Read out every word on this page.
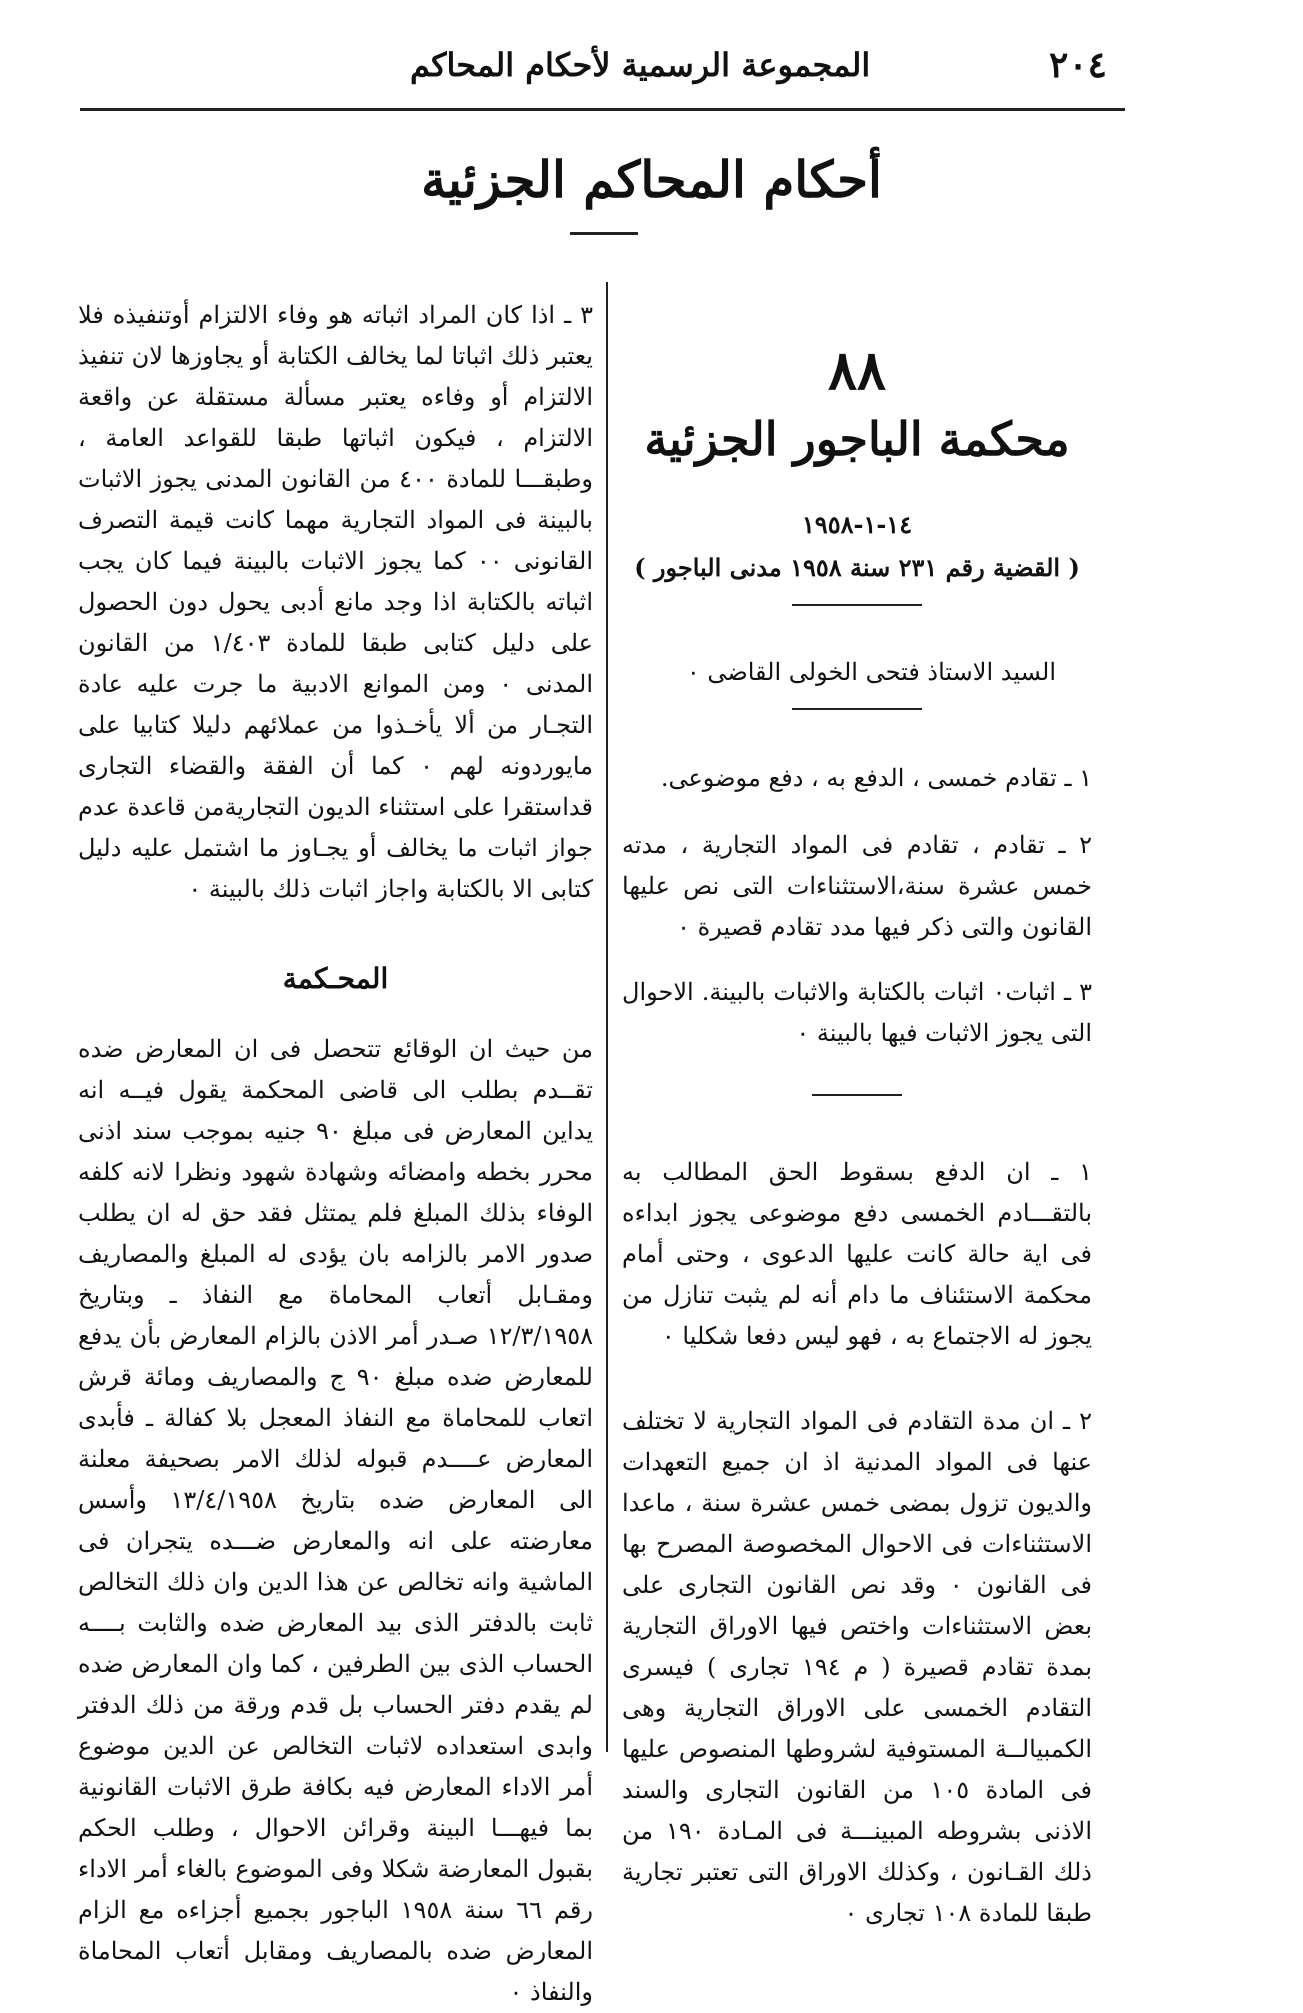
٢٠٤
المجموعة الرسمية لأحكام المحاكم
أحكام المحاكم الجزئية
٨٨
محكمة الباجور الجزئية
١٤-١-١٩٥٨
( القضية رقم ٢٣١ سنة ١٩٥٨ مدنى الباجور )
السيد الاستاذ فتحى الخولى القاضى ٠

١ ـ تقادم خمسى ، الدفع به ، دفع موضوعى.

٢ ـ تقادم ، تقادم فى المواد التجارية ، مدته خمس عشرة سنة،الاستثناءات التى نص عليها القانون والتى ذكر فيها مدد تقادم قصيرة ٠

٣ ـ اثبات٠ اثبات بالكتابة والاثبات بالبينة. الاحوال التى يجوز الاثبات فيها بالبينة ٠

١ ـ ان الدفع بسقوط الحق المطالب به بالتقـــادم الخمسى دفع موضوعى يجوز ابداءه فى اية حالة كانت عليها الدعوى ، وحتى أمام محكمة الاستئناف ما دام أنه لم يثبت تنازل من يجوز له الاجتماع به ، فهو ليس دفعا شكليا ٠

٢ ـ ان مدة التقادم فى المواد التجارية لا تختلف عنها فى المواد المدنية اذ ان جميع التعهدات والديون تزول بمضى خمس عشرة سنة ، ماعدا الاستثناءات فى الاحوال المخصوصة المصرح بها فى القانون ٠ وقد نص القانون التجارى على بعض الاستثناءات واختص فيها الاوراق التجارية بمدة تقادم قصيرة ( م ١٩٤ تجارى ) فيسرى التقادم الخمسى على الاوراق التجارية وهى الكمبيالــة المستوفية لشروطها المنصوص عليها فى المادة ١٠٥ من القانون التجارى والسند الاذنى بشروطه المبينـــة فى المـادة ١٩٠ من ذلك القـانون ، وكذلك الاوراق التى تعتبر تجارية طبقا للمادة ١٠٨ تجارى ٠

٣ ـ اذا كان المراد اثباته هو وفاء الالتزام أوتنفيذه فلا يعتبر ذلك اثباتا لما يخالف الكتابة أو يجاوزها لان تنفيذ الالتزام أو وفاءه يعتبر مسألة مستقلة عن واقعة الالتزام ، فيكون اثباتها طبقا للقواعد العامة ، وطبقـــا للمادة ٤٠٠ من القانون المدنى يجوز الاثبات بالبينة فى المواد التجارية مهما كانت قيمة التصرف القانونى ٠٠ كما يجوز الاثبات بالبينة فيما كان يجب اثباته بالكتابة اذا وجد مانع أدبى يحول دون الحصول على دليل كتابى طبقا للمادة ١/٤٠٣ من القانون المدنى ٠ ومن الموانع الادبية ما جرت عليه عادة التجـار من ألا يأخـذوا من عملائهم دليلا كتابيا على مايوردونه لهم ٠ كما أن الفقة والقضاء التجارى قداستقرا على استثناء الديون التجاريةمن قاعدة عدم جواز اثبات ما يخالف أو يجـاوز ما اشتمل عليه دليل كتابى الا بالكتابة واجاز اثبات ذلك بالبينة ٠

المحـكمة

من حيث ان الوقائع تتحصل فى ان المعارض ضده تقــدم بطلب الى قاضى المحكمة يقول فيــه انه يداين المعارض فى مبلغ ٩٠ جنيه بموجب سند اذنى محرر بخطه وامضائه وشهادة شهود ونظرا لانه كلفه الوفاء بذلك المبلغ فلم يمتثل فقد حق له ان يطلب صدور الامر بالزامه بان يؤدى له المبلغ والمصاريف ومقـابل أتعاب المحاماة مع النفاذ ـ وبتاريخ ١٢/٣/١٩٥٨ صـدر أمر الاذن بالزام المعارض بأن يدفع للمعارض ضده مبلغ ٩٠ ج والمصاريف ومائة قرش اتعاب للمحاماة مع النفاذ المعجل بلا كفالة ـ فأبدى المعارض عــــدم قبوله لذلك الامر بصحيفة معلنة الى المعارض ضده بتاريخ ١٣/٤/١٩٥٨ وأسس معارضته على انه والمعارض ضـــده يتجران فى الماشية وانه تخالص عن هذا الدين وان ذلك التخالص ثابت بالدفتر الذى بيد المعارض ضده والثابت بــــه الحساب الذى بين الطرفين ، كما وان المعارض ضده لم يقدم دفتر الحساب بل قدم ورقة من ذلك الدفتر وابدى استعداده لاثبات التخالص عن الدين موضوع أمر الاداء المعارض فيه بكافة طرق الاثبات القانونية بما فيهـــا البينة وقرائن الاحوال ، وطلب الحكم بقبول المعارضة شكلا وفى الموضوع بالغاء أمر الاداء رقم ٦٦ سنة ١٩٥٨ الباجور بجميع أجزاءه مع الزام المعارض ضده بالمصاريف ومقابل أتعاب المحاماة والنفاذ ٠
